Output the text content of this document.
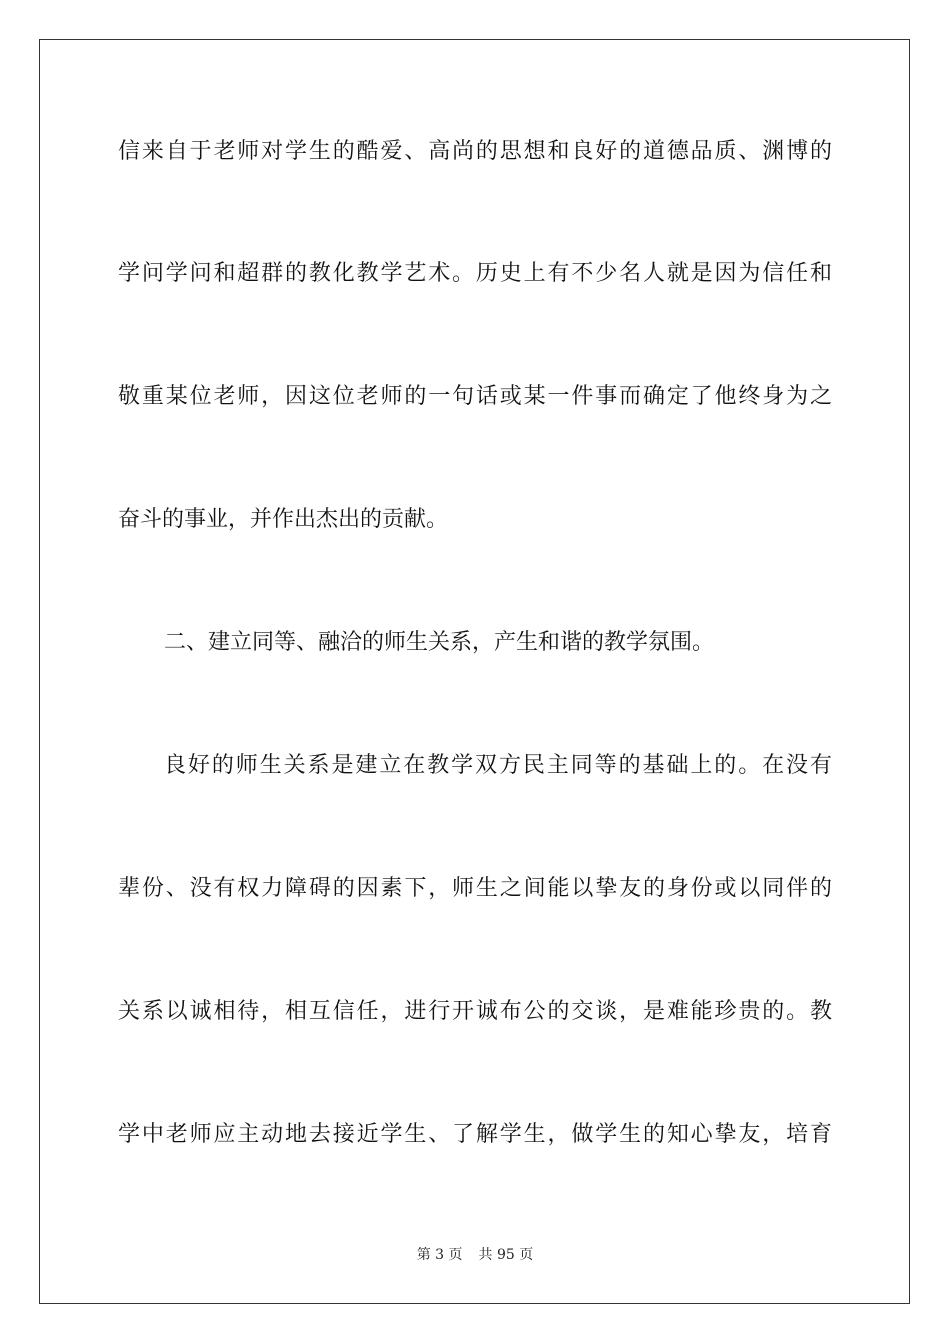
信来自于老师对学生的酷爱、高尚的思想和良好的道德品质、渊博的
学问学问和超群的教化教学艺术。历史上有不少名人就是因为信任和
敬重某位老师，因这位老师的一句话或某一件事而确定了他终身为之
奋斗的事业，并作出杰出的贡献。
二、建立同等、融洽的师生关系，产生和谐的教学氛围。
良好的师生关系是建立在教学双方民主同等的基础上的。在没有
辈份、没有权力障碍的因素下，师生之间能以挚友的身份或以同伴的
关系以诚相待，相互信任，进行开诚布公的交谈，是难能珍贵的。教
学中老师应主动地去接近学生、了解学生，做学生的知心挚友，培育
第 3 页 共 95 页
